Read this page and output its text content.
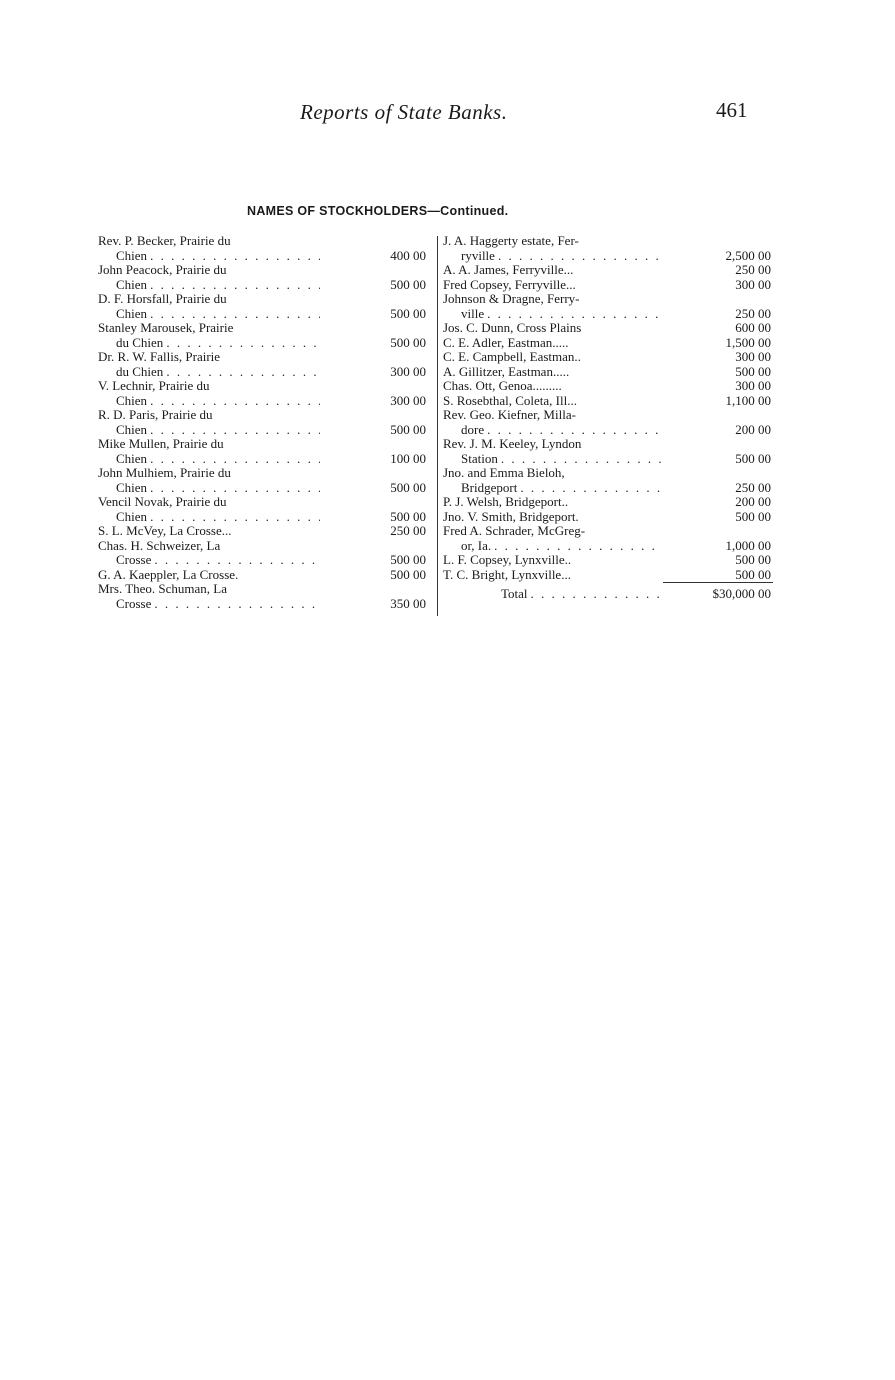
Reports of State Banks.	461
NAMES OF STOCKHOLDERS—Continued.
Rev. P. Becker, Prairie du
Chien . . .	400 00
John Peacock, Prairie du
Chien . . .	500 00
D. F. Horsfall, Prairie du
Chien . . .	500 00
Stanley Marousek, Prairie
du Chien . . .	500 00
Dr. R. W. Fallis, Prairie
du Chien . . .	300 00
V. Lechnir, Prairie du
Chien . . .	300 00
R. D. Paris, Prairie du
Chien . . .	500 00
Mike Mullen, Prairie du
Chien . . .	100 00
John Mulhiem, Prairie du
Chien . . .	500 00
Vencil Novak, Prairie du
Chien . . .	500 00
S. L. McVey, La Crosse...	250 00
Chas. H. Schweizer, La
Crosse . . .	500 00
G. A. Kaeppler, La Crosse.	500 00
Mrs. Theo. Schuman, La
Crosse . . .	350 00
J. A. Haggerty estate, Fer-
ryville . . .	2,500 00
A. A. James, Ferryville...	250 00
Fred Copsey, Ferryville...	300 00
Johnson & Dragne, Ferry-
ville . . .	250 00
Jos. C. Dunn, Cross Plains	600 00
C. E. Adler, Eastman.....	1,500 00
C. E. Campbell, Eastman..	300 00
A. Gillitzer, Eastman.....	500 00
Chas. Ott, Genoa.........	300 00
S. Rosebthal, Coleta, Ill...	1,100 00
Rev. Geo. Kiefner, Milla-
dore . . .	200 00
Rev. J. M. Keeley, Lyndon
Station . . .	500 00
Jno. and Emma Bieloh,
Bridgeport . . .	250 00
P. J. Welsh, Bridgeport..	200 00
Jno. V. Smith, Bridgeport.	500 00
Fred A. Schrader, McGreg-
or, Ia. . . .	1,000 00
L. F. Copsey, Lynxville..	500 00
T. C. Bright, Lynxville...	500 00
Total . . .	$30,000 00
